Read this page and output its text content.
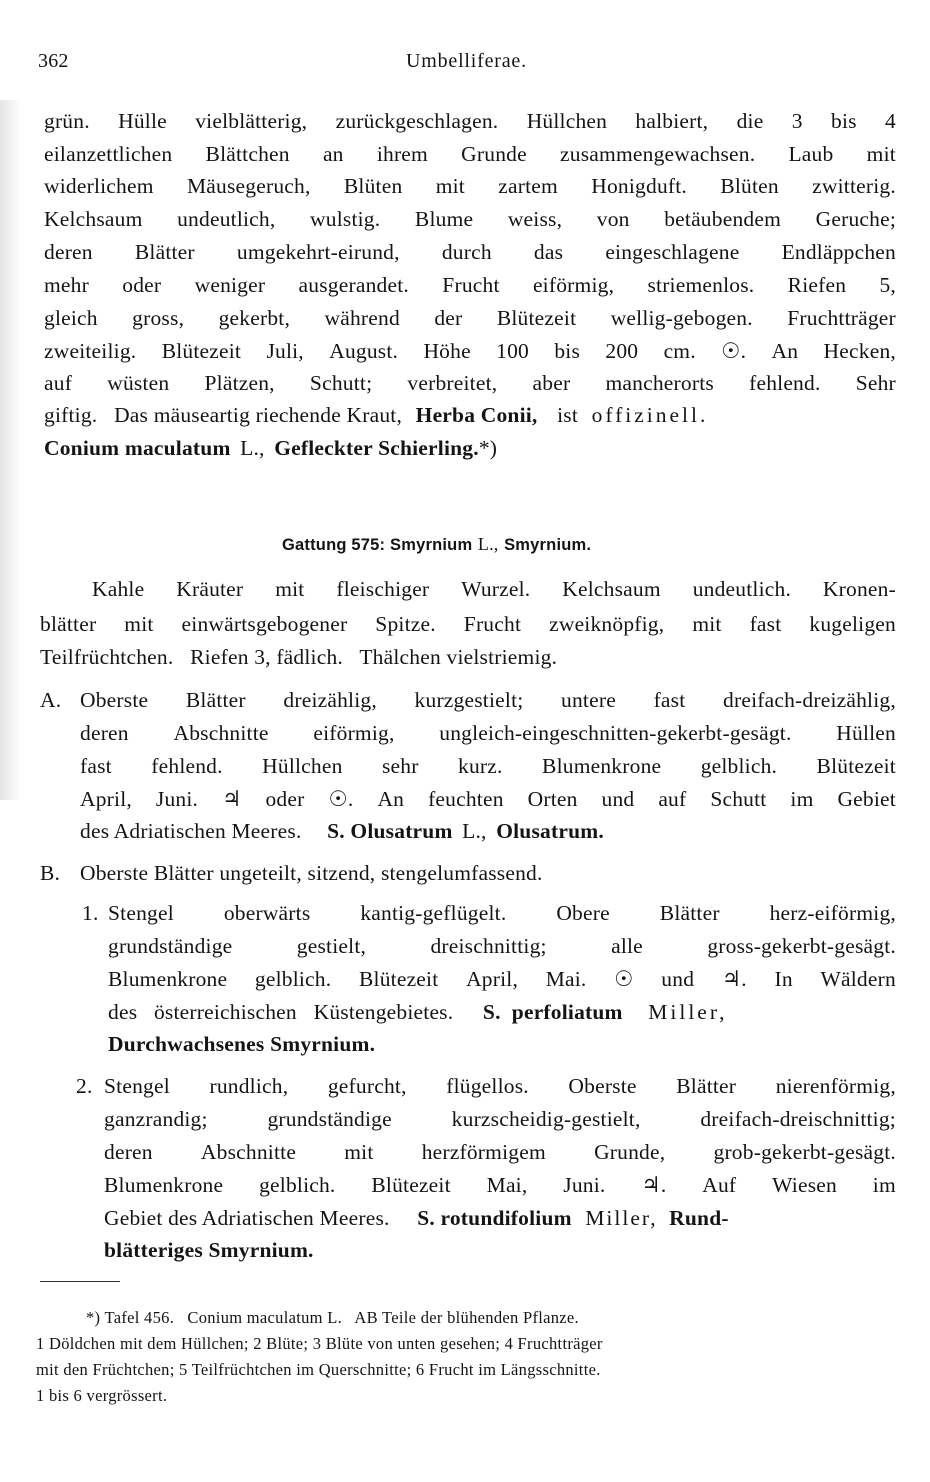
362	Umbelliferae.
grün. Hülle vielblätterig, zurückgeschlagen. Hüllchen halbiert, die 3 bis 4
eilanzettlichen Blättchen an ihrem Grunde zusammengewachsen. Laub mit
widerlichem Mäusegeruch, Blüten mit zartem Honigduft. Blüten zwitterig.
Kelchsaum undeutlich, wulstig. Blume weiss, von betäubendem Geruche;
deren Blätter umgekehrt-eirund, durch das eingeschlagene Endläppchen
mehr oder weniger ausgerandet. Frucht eiförmig, striemenlos. Riefen 5,
gleich gross, gekerbt, während der Blütezeit wellig-gebogen. Fruchtträger
zweiteilig. Blütezeit Juli, August. Höhe 100 bis 200 cm. ☉. An Hecken,
auf wüsten Plätzen, Schutt; verbreitet, aber mancherorts fehlend. Sehr
giftig.   Das mäuseartig riechende Kraut, Herba Conii, ist offizinell.
Conium maculatum L., Gefleckter Schierling.*)
Gattung 575: Smyrnium L., Smyrnium.
Kahle Kräuter mit fleischiger Wurzel. Kelchsaum undeutlich. Kronen-
blätter mit einwärtsgebogener Spitze. Frucht zweiknöpfig, mit fast kugeligen
Teilfrüchtchen.   Riefen 3, fädlich.   Thälchen vielstriemig.
A. Oberste Blätter dreizählig, kurzgestielt; untere fast dreifach-dreizählig,
deren Abschnitte eiförmig, ungleich-eingeschnitten-gekerbt-gesägt. Hüllen
fast fehlend. Hüllchen sehr kurz. Blumenkrone gelblich. Blütezeit
April, Juni. ♃ oder ☉. An feuchten Orten und auf Schutt im Gebiet
des Adriatischen Meeres. S. Olusatrum L., Olusatrum.
B. Oberste Blätter ungeteilt, sitzend, stengelumfassend.
1. Stengel oberwärts kantig-geflügelt. Obere Blätter herz-eiförmig,
grundständige	gestielt,	dreischnittig;	alle	gross-gekerbt-gesägt.
Blumenkrone gelblich. Blütezeit April, Mai. ☉ und ♃. In Wäldern
des   österreichischen   Küstengebietes. S.  perfoliatum Miller,
Durchwachsenes Smyrnium.
2. Stengel rundlich, gefurcht, flügellos. Oberste Blätter nierenförmig,
ganzrandig;	grundständige	kurzscheidig-gestielt,	dreifach-dreischnittig;
deren Abschnitte mit herzförmigem Grunde, grob-gekerbt-gesägt.
Blumenkrone gelblich. Blütezeit Mai, Juni. ♃. Auf Wiesen im
Gebiet des Adriatischen Meeres. S. rotundifolium Miller, Rund-
blätteriges Smyrnium.
*) Tafel 456.   Conium maculatum L.   AB Teile der blühenden Pflanze.
1 Döldchen mit dem Hüllchen; 2 Blüte; 3 Blüte von unten gesehen; 4 Fruchtträger
mit den Früchtchen; 5 Teilfrüchtchen im Querschnitte; 6 Frucht im Längsschnitte.
1 bis 6 vergrössert.
